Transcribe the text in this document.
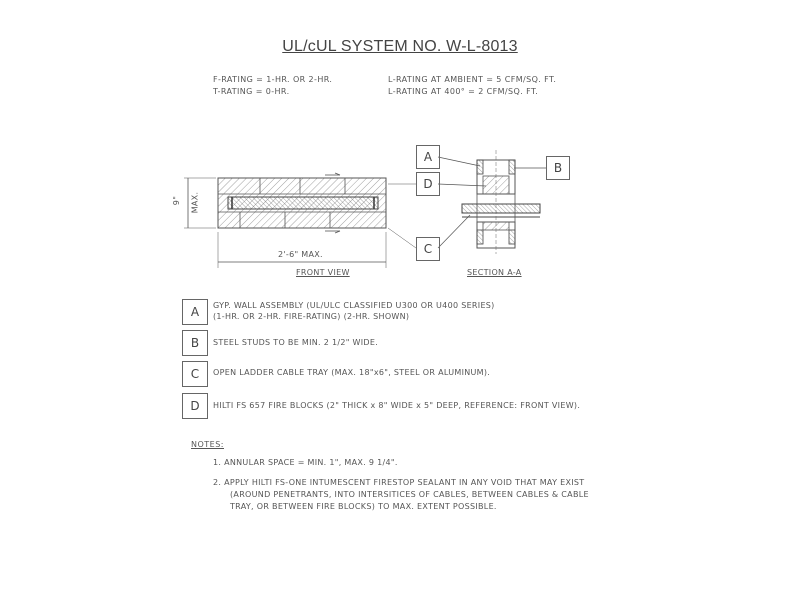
UL/cUL SYSTEM NO. W-L-8013
F-RATING = 1-HR. OR 2-HR.
T-RATING = 0-HR.
L-RATING AT AMBIENT = 5 CFM/SQ. FT.
L-RATING AT 400° = 2 CFM/SQ. FT.
9" MAX.
2'-6" MAX.
FRONT VIEW
A
D
B
C
SECTION A-A
A	GYP. WALL ASSEMBLY (UL/ULC CLASSIFIED U300 OR U400 SERIES)
(1-HR. OR 2-HR. FIRE-RATING) (2-HR. SHOWN)
B	STEEL STUDS TO BE MIN. 2 1/2" WIDE.
C	OPEN LADDER CABLE TRAY (MAX. 18"x6", STEEL OR ALUMINUM).
D	HILTI FS 657 FIRE BLOCKS (2" THICK x 8" WIDE x 5" DEEP, REFERENCE: FRONT VIEW).
NOTES:
1. ANNULAR SPACE = MIN. 1", MAX. 9 1/4".
2. APPLY HILTI FS-ONE INTUMESCENT FIRESTOP SEALANT IN ANY VOID THAT MAY EXIST
(AROUND PENETRANTS, INTO INTERSITICES OF CABLES, BETWEEN CABLES & CABLE
TRAY, OR BETWEEN FIRE BLOCKS) TO MAX. EXTENT POSSIBLE.
